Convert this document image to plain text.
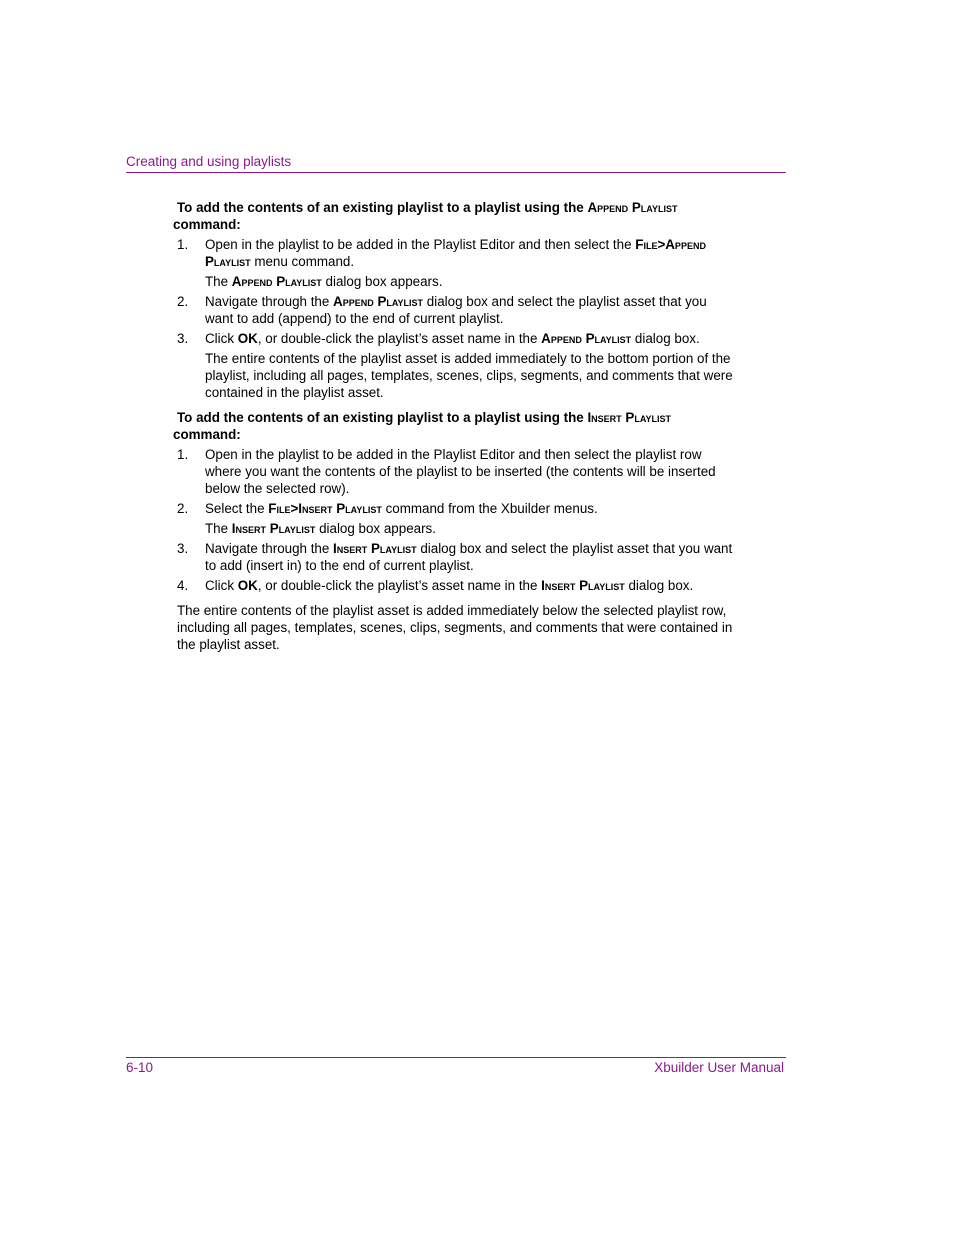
Creating and using playlists

To add the contents of an existing playlist to a playlist using the Append Playlist
command:

1. Open in the playlist to be added in the Playlist Editor and then select the File>Append Playlist menu command.
The Append Playlist dialog box appears.
2. Navigate through the Append Playlist dialog box and select the playlist asset that you want to add (append) to the end of current playlist.
3. Click OK, or double-click the playlist’s asset name in the Append Playlist dialog box.
The entire contents of the playlist asset is added immediately to the bottom portion of the playlist, including all pages, templates, scenes, clips, segments, and comments that were contained in the playlist asset.

To add the contents of an existing playlist to a playlist using the Insert Playlist
command:

1. Open in the playlist to be added in the Playlist Editor and then select the playlist row where you want the contents of the playlist to be inserted (the contents will be inserted below the selected row).
2. Select the File>Insert Playlist command from the Xbuilder menus.
The Insert Playlist dialog box appears.
3. Navigate through the Insert Playlist dialog box and select the playlist asset that you want to add (insert in) to the end of current playlist.
4. Click OK, or double-click the playlist’s asset name in the Insert Playlist dialog box.

The entire contents of the playlist asset is added immediately below the selected playlist row, including all pages, templates, scenes, clips, segments, and comments that were contained in the playlist asset.

6-10	Xbuilder User Manual
